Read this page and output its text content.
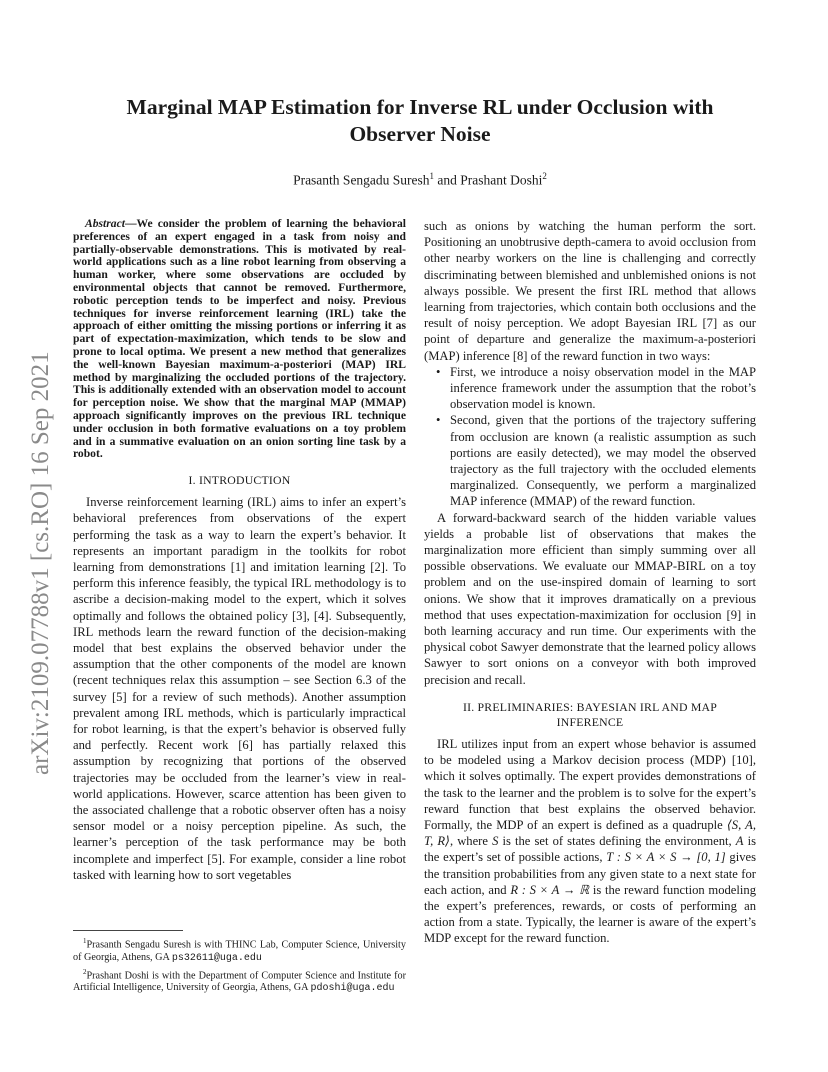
arXiv:2109.07788v1 [cs.RO] 16 Sep 2021
Marginal MAP Estimation for Inverse RL under Occlusion with
Observer Noise
Prasanth Sengadu Suresh$^1$ and Prashant Doshi$^2$

Abstract—We consider the problem of learning the behavioral preferences of an expert engaged in a task from noisy and partially-observable demonstrations. This is motivated by real-world applications such as a line robot learning from observing a human worker, where some observations are occluded by environmental objects that cannot be removed. Furthermore, robotic perception tends to be imperfect and noisy. Previous techniques for inverse reinforcement learning (IRL) take the approach of either omitting the missing portions or inferring it as part of expectation-maximization, which tends to be slow and prone to local optima. We present a new method that generalizes the well-known Bayesian maximum-a-posteriori (MAP) IRL method by marginalizing the occluded portions of the trajectory. This is additionally extended with an observation model to account for perception noise. We show that the marginal MAP (MMAP) approach significantly improves on the previous IRL technique under occlusion in both formative evaluations on a toy problem and in a summative evaluation on an onion sorting line task by a robot.

I. INTRODUCTION

Inverse reinforcement learning (IRL) aims to infer an expert’s behavioral preferences from observations of the expert performing the task as a way to learn the expert’s behavior. It represents an important paradigm in the toolkits for robot learning from demonstrations [1] and imitation learning [2]. To perform this inference feasibly, the typical IRL methodology is to ascribe a decision-making model to the expert, which it solves optimally and follows the obtained policy [3], [4]. Subsequently, IRL methods learn the reward function of the decision-making model that best explains the observed behavior under the assumption that the other components of the model are known (recent techniques relax this assumption – see Section 6.3 of the survey [5] for a review of such methods). Another assumption prevalent among IRL methods, which is particularly impractical for robot learning, is that the expert’s behavior is observed fully and perfectly. Recent work [6] has partially relaxed this assumption by recognizing that portions of the observed trajectories may be occluded from the learner’s view in real-world applications. However, scarce attention has been given to the associated challenge that a robotic observer often has a noisy sensor model or a noisy perception pipeline. As such, the learner’s perception of the task performance may be both incomplete and imperfect [5]. For example, consider a line robot tasked with learning how to sort vegetables

$^1$Prasanth Sengadu Suresh is with THINC Lab, Computer Science, University of Georgia, Athens, GA ps32611@uga.edu

$^2$Prashant Doshi is with the Department of Computer Science and Institute for Artificial Intelligence, University of Georgia, Athens, GA pdoshi@uga.edu

such as onions by watching the human perform the sort. Positioning an unobtrusive depth-camera to avoid occlusion from other nearby workers on the line is challenging and correctly discriminating between blemished and unblemished onions is not always possible. We present the first IRL method that allows learning from trajectories, which contain both occlusions and the result of noisy perception. We adopt Bayesian IRL [7] as our point of departure and generalize the maximum-a-posteriori (MAP) inference [8] of the reward function in two ways:

• First, we introduce a noisy observation model in the MAP inference framework under the assumption that the robot’s observation model is known.
• Second, given that the portions of the trajectory suffering from occlusion are known (a realistic assumption as such portions are easily detected), we may model the observed trajectory as the full trajectory with the occluded elements marginalized. Consequently, we perform a marginalized MAP inference (MMAP) of the reward function.

A forward-backward search of the hidden variable values yields a probable list of observations that makes the marginalization more efficient than simply summing over all possible observations. We evaluate our MMAP-BIRL on a toy problem and on the use-inspired domain of learning to sort onions. We show that it improves dramatically on a previous method that uses expectation-maximization for occlusion [9] in both learning accuracy and run time. Our experiments with the physical cobot Sawyer demonstrate that the learned policy allows Sawyer to sort onions on a conveyor with both improved precision and recall.

II. PRELIMINARIES: BAYESIAN IRL AND MAP
INFERENCE

IRL utilizes input from an expert whose behavior is assumed to be modeled using a Markov decision process (MDP) [10], which it solves optimally. The expert provides demonstrations of the task to the learner and the problem is to solve for the expert’s reward function that best explains the observed behavior. Formally, the MDP of an expert is defined as a quadruple ⟨S, A, T, R⟩, where S is the set of states defining the environment, A is the expert’s set of possible actions, T : S × A × S → [0, 1] gives the transition probabilities from any given state to a next state for each action, and R : S × A → ℝ is the reward function modeling the expert’s preferences, rewards, or costs of performing an action from a state. Typically, the learner is aware of the expert’s MDP except for the reward function.
